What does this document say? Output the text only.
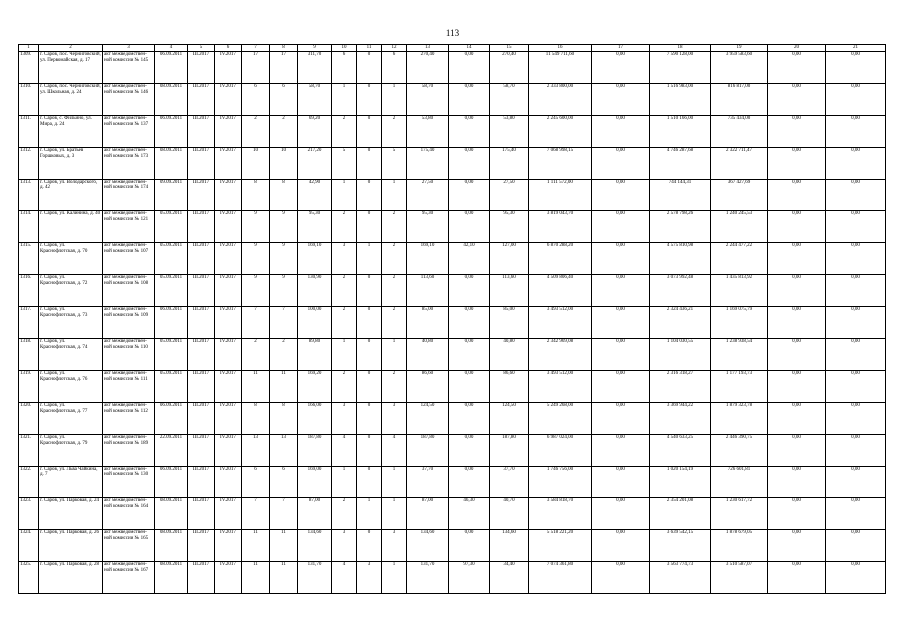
113
1	2	3	4	5	6	7	8	9	10	11	12	13	14	15	16	17	18	19	20	21
1309.	г. Саров, пос. Черниговский, ул. Первомайская, д. 17	акт межведомствен-ной комиссии № 145	06.09.2011	III.2017	IV.2017	17	17	311,70	6	0	6	270,40	0,00	270,40	11 549 711,60	0,00	7 590 128,00	3 959 583,60	0,00	0,00
1310.	г. Саров, пос. Черниговский, ул. Школьная, д. 24	акт межведомствен-ной комиссии № 146	08.09.2011	III.2017	IV.2017	6	6	58,70	1	0	1	58,70	0,00	58,70	2 333 800,00	0,00	1 516 983,00	816 817,00	0,00	0,00
1311.	г. Саров, с. Фильино, ул. Мира, д. 24	акт межведомствен-ной комиссии № 137	06.09.2011	III.2017	IV.2017	2	2	69,20	2	0	2	53,80	0,00	53,80	2 245 600,00	0,00	1 510 166,00	735 434,00	0,00	0,00
1312.	г. Саров, ул. Братьев Горшковых, д. 3	акт межведомствен-ной комиссии № 173	08.09.2011	III.2017	IV.2017	10	10	217,20	5	0	5	175,40	0,00	175,40	7 068 998,15	0,00	4 746 287,68	2 322 711,47	0,00	0,00
1313.	г. Саров, ул. Володарского, д. 42	акт межведомствен-ной комиссии № 174	09.09.2011	III.2017	IV.2017	8	8	42,90	1	0	1	27,50	0,00	27,50	1 111 572,00	0,00	744 144,31	367 427,69	0,00	0,00
1314.	г. Саров, ул. Калинина, д. 40	акт межведомствен-ной комиссии № 121	05.09.2011	III.2017	IV.2017	9	9	95,30	2	0	2	95,30	0,00	95,30	3 819 043,70	0,00	2 578 798,26	1 240 245,53	0,00	0,00
1315.	г. Саров, ул. Краснофлотская, д. 70	акт межведомствен-ной комиссии № 107	05.09.2011	III.2017	IV.2017	9	9	169,10	3	1	2	169,10	42,10	127,00	6 870 288,20	0,00	4 575 810,98	2 244 477,22	0,00	0,00
1316.	г. Саров, ул. Краснофлотская, д. 72	акт межведомствен-ной комиссии № 108	05.09.2011	III.2017	IV.2017	9	9	130,90	2	0	2	113,60	0,00	113,60	4 509 806,40	0,00	3 073 992,48	1 435 813,92	0,00	0,00
1317.	г. Саров, ул. Краснофлотская, д. 73	акт межведомствен-ной комиссии № 109	06.09.2011	III.2017	IV.2017	7	7	100,00	2	0	2	85,00	0,00	85,00	3 493 512,00	0,00	2 324 436,21	1 169 075,79	0,00	0,00
1318.	г. Саров, ул. Краснофлотская, д. 74	акт межведомствен-ной комиссии № 110	05.09.2011	III.2017	IV.2017	2	2	89,80	1	0	1	40,80	0,00	40,80	2 342 969,08	0,00	1 104 030,55	1 238 938,54	0,00	0,00
1319.	г. Саров, ул. Краснофлотская, д. 76	акт межведомствен-ной комиссии № 111	05.09.2011	III.2017	IV.2017	11	11	169,20	2	0	2	86,60	0,00	86,60	3 493 512,00	0,00	2 316 318,27	1 177 193,73	0,00	0,00
1320.	г. Саров, ул. Краснофлотская, д. 77	акт межведомствен-ной комиссии № 112	06.09.2011	III.2017	IV.2017	8	8	166,00	3	0	3	124,50	0,00	124,50	5 249 268,00	0,00	3 369 944,22	1 879 323,78	0,00	0,00
1321.	г. Саров, ул. Краснофлотская, д. 79	акт межведомствен-ной комиссии № 189	22.09.2011	III.2017	IV.2017	13	13	187,80	4	0	4	187,80	0,00	187,80	6 987 024,00	0,00	4 540 633,25	2 446 390,75	0,00	0,00
1322.	г. Саров, ул. Льва Чайкина, д. 7	акт межведомствен-ной комиссии № 130	06.09.2011	III.2017	IV.2017	6	6	169,00	1	0	1	37,70	0,00	37,70	1 746 756,00	0,00	1 020 154,19	726 601,81	0,00	0,00
1323.	г. Саров, ул. Парковая, д. 24	акт межведомствен-ной комиссии № 164	08.09.2011	III.2017	IV.2017	7	7	87,00	2	1	1	87,00	46,30	40,70	3 584 818,70	0,00	2 354 201,08	1 230 617,72	0,00	0,00
1324.	г. Саров, ул. Парковая, д. 26	акт межведомствен-ной комиссии № 165	08.09.2011	III.2017	IV.2017	11	11	134,60	3	0	3	134,60	0,00	134,60	5 518 221,20	0,00	3 639 542,15	1 878 679,05	0,00	0,00
1325.	г. Саров, ул. Парковая, д. 28	акт межведомствен-ной комиссии № 167	08.09.2011	III.2017	IV.2017	11	11	131,70	4	3	1	131,70	97,30	34,40	7 074 361,80	0,00	3 563 774,73	3 510 587,07	0,00	0,00
